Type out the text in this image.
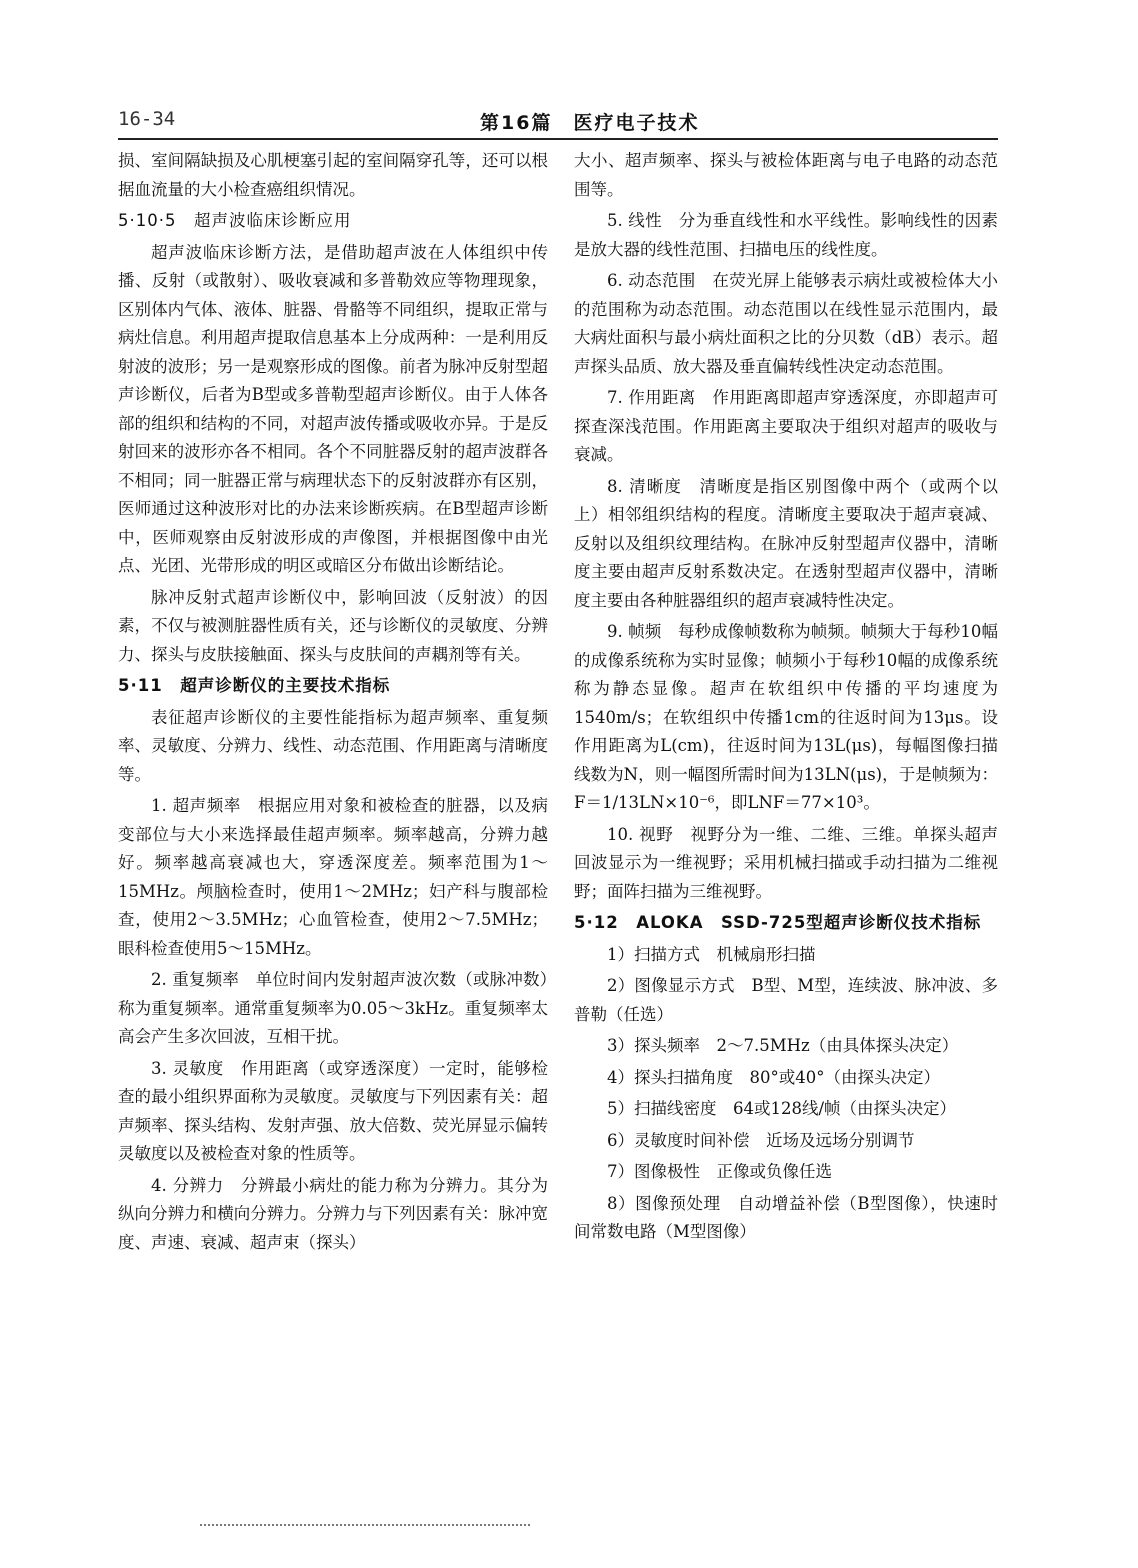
16-34	第16篇　医疗电子技术

损、室间隔缺损及心肌梗塞引起的室间隔穿孔等，还可以根据血流量的大小检查癌组织情况。

5·10·5　超声波临床诊断应用

超声波临床诊断方法，是借助超声波在人体组织中传播、反射（或散射）、吸收衰减和多普勒效应等物理现象，区别体内气体、液体、脏器、骨骼等不同组织，提取正常与病灶信息。利用超声提取信息基本上分成两种：一是利用反射波的波形；另一是观察形成的图像。前者为脉冲反射型超声诊断仪，后者为B型或多普勒型超声诊断仪。由于人体各部的组织和结构的不同，对超声波传播或吸收亦异。于是反射回来的波形亦各不相同。各个不同脏器反射的超声波群各不相同；同一脏器正常与病理状态下的反射波群亦有区别，医师通过这种波形对比的办法来诊断疾病。在B型超声诊断中，医师观察由反射波形成的声像图，并根据图像中由光点、光团、光带形成的明区或暗区分布做出诊断结论。

脉冲反射式超声诊断仪中，影响回波（反射波）的因素，不仅与被测脏器性质有关，还与诊断仪的灵敏度、分辨力、探头与皮肤接触面、探头与皮肤间的声耦剂等有关。

5·11　超声诊断仪的主要技术指标

表征超声诊断仪的主要性能指标为超声频率、重复频率、灵敏度、分辨力、线性、动态范围、作用距离与清晰度等。

1. 超声频率　根据应用对象和被检查的脏器，以及病变部位与大小来选择最佳超声频率。频率越高，分辨力越好。频率越高衰减也大，穿透深度差。频率范围为1～15MHz。颅脑检查时，使用1～2MHz；妇产科与腹部检查，使用2～3.5MHz；心血管检查，使用2～7.5MHz；眼科检查使用5～15MHz。

2. 重复频率　单位时间内发射超声波次数（或脉冲数）称为重复频率。通常重复频率为0.05～3kHz。重复频率太高会产生多次回波，互相干扰。

3. 灵敏度　作用距离（或穿透深度）一定时，能够检查的最小组织界面称为灵敏度。灵敏度与下列因素有关：超声频率、探头结构、发射声强、放大倍数、荧光屏显示偏转灵敏度以及被检查对象的性质等。

4. 分辨力　分辨最小病灶的能力称为分辨力。其分为纵向分辨力和横向分辨力。分辨力与下列因素有关：脉冲宽度、声速、衰减、超声束（探头）

大小、超声频率、探头与被检体距离与电子电路的动态范围等。

5. 线性　分为垂直线性和水平线性。影响线性的因素是放大器的线性范围、扫描电压的线性度。

6. 动态范围　在荧光屏上能够表示病灶或被检体大小的范围称为动态范围。动态范围以在线性显示范围内，最大病灶面积与最小病灶面积之比的分贝数（dB）表示。超声探头品质、放大器及垂直偏转线性决定动态范围。

7. 作用距离　作用距离即超声穿透深度，亦即超声可探查深浅范围。作用距离主要取决于组织对超声的吸收与衰减。

8. 清晰度　清晰度是指区别图像中两个（或两个以上）相邻组织结构的程度。清晰度主要取决于超声衰减、反射以及组织纹理结构。在脉冲反射型超声仪器中，清晰度主要由超声反射系数决定。在透射型超声仪器中，清晰度主要由各种脏器组织的超声衰减特性决定。

9. 帧频　每秒成像帧数称为帧频。帧频大于每秒10幅的成像系统称为实时显像；帧频小于每秒10幅的成像系统称为静态显像。超声在软组织中传播的平均速度为1540m/s；在软组织中传播1cm的往返时间为13μs。设作用距离为L(cm)，往返时间为13L(μs)，每幅图像扫描线数为N，则一幅图所需时间为13LN(μs)，于是帧频为：F＝1/13LN×10⁻⁶，即LNF＝77×10³。

10. 视野　视野分为一维、二维、三维。单探头超声回波显示为一维视野；采用机械扫描或手动扫描为二维视野；面阵扫描为三维视野。

5·12　ALOKA　SSD-725型超声诊断仪技术指标

1）扫描方式　机械扇形扫描

2）图像显示方式　B型、M型，连续波、脉冲波、多普勒（任选）

3）探头频率　2～7.5MHz（由具体探头决定）

4）探头扫描角度　80°或40°（由探头决定）

5）扫描线密度　64或128线/帧（由探头决定）

6）灵敏度时间补偿　近场及远场分别调节

7）图像极性　正像或负像任选

8）图像预处理　自动增益补偿（B型图像），快速时间常数电路（M型图像）
